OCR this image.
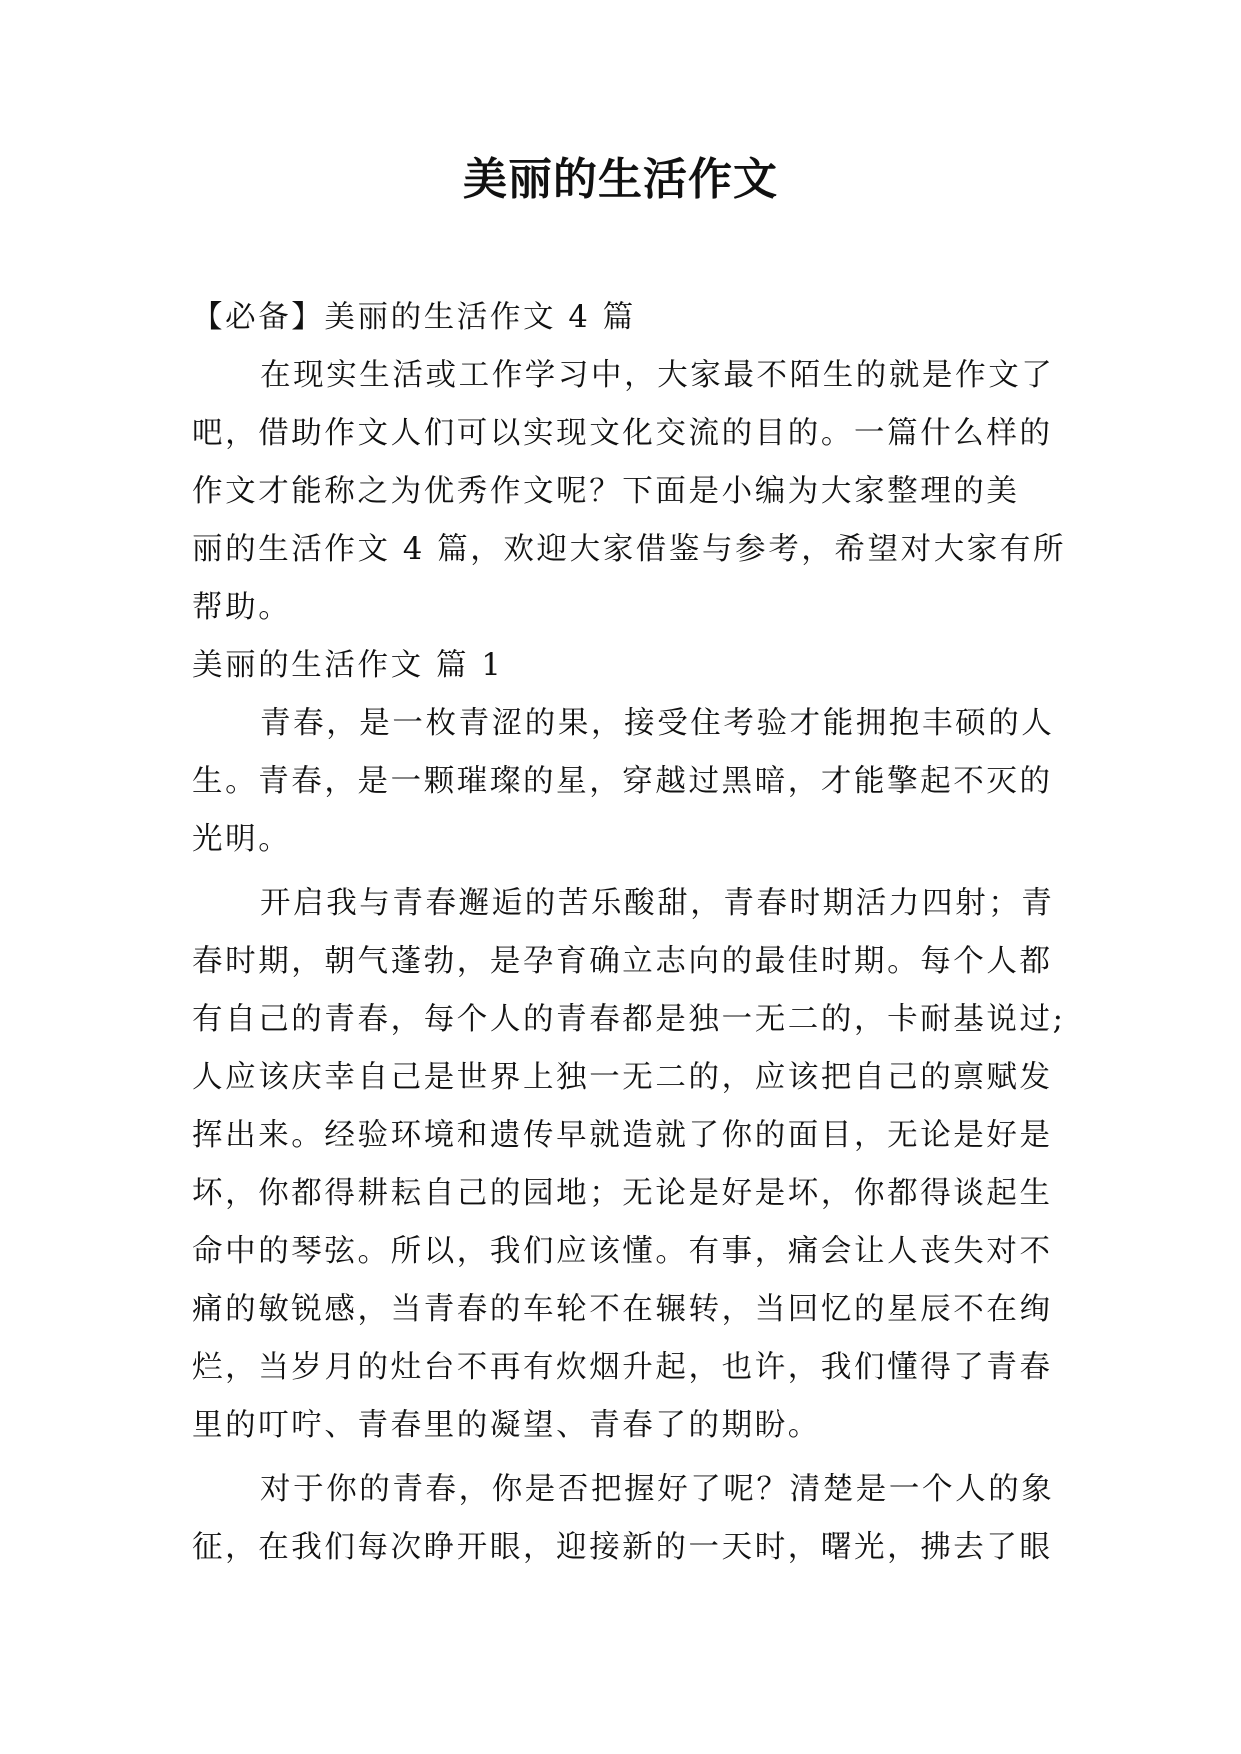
美丽的生活作文
【必备】美丽的生活作文 4 篇
在现实生活或工作学习中，大家最不陌生的就是作文了
吧，借助作文人们可以实现文化交流的目的。一篇什么样的
作文才能称之为优秀作文呢？下面是小编为大家整理的美
丽的生活作文 4 篇，欢迎大家借鉴与参考，希望对大家有所
帮助。
美丽的生活作文 篇 1
青春，是一枚青涩的果，接受住考验才能拥抱丰硕的人
生。青春，是一颗璀璨的星，穿越过黑暗，才能擎起不灭的
光明。
开启我与青春邂逅的苦乐酸甜，青春时期活力四射；青
春时期，朝气蓬勃，是孕育确立志向的最佳时期。每个人都
有自己的青春，每个人的青春都是独一无二的，卡耐基说过;
人应该庆幸自己是世界上独一无二的，应该把自己的禀赋发
挥出来。经验环境和遗传早就造就了你的面目，无论是好是
坏，你都得耕耘自己的园地；无论是好是坏，你都得谈起生
命中的琴弦。所以，我们应该懂。有事，痛会让人丧失对不
痛的敏锐感，当青春的车轮不在辗转，当回忆的星辰不在绚
烂，当岁月的灶台不再有炊烟升起，也许，我们懂得了青春
里的叮咛、青春里的凝望、青春了的期盼。
对于你的青春，你是否把握好了呢？清楚是一个人的象
征，在我们每次睁开眼，迎接新的一天时，曙光，拂去了眼
